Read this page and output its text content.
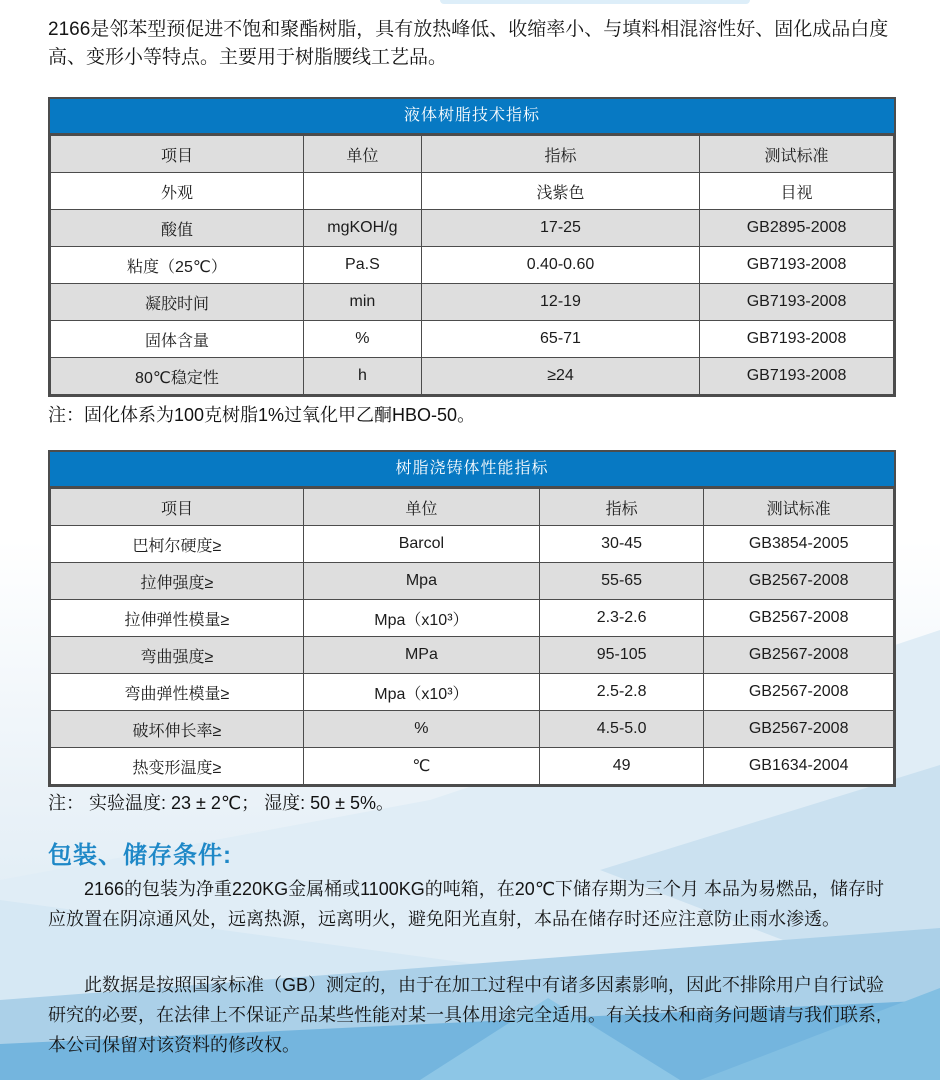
2166是邻苯型预促进不饱和聚酯树脂，具有放热峰低、收缩率小、与填料相混溶性好、固化成品白度高、变形小等特点。主要用于树脂腰线工艺品。
液体树脂技术指标
项目	单位	指标	测试标准
外观		浅紫色	目视
酸值	mgKOH/g	17-25	GB2895-2008
粘度（25℃）	Pa.S	0.40-0.60	GB7193-2008
凝胶时间	min	12-19	GB7193-2008
固体含量	%	65-71	GB7193-2008
80℃稳定性	h	≥24	GB7193-2008
注：固化体系为100克树脂1%过氧化甲乙酮HBO-50。
树脂浇铸体性能指标
项目	单位	指标	测试标准
巴柯尔硬度≥	Barcol	30-45	GB3854-2005
拉伸强度≥	Mpa	55-65	GB2567-2008
拉伸弹性模量≥	Mpa（x10³）	2.3-2.6	GB2567-2008
弯曲强度≥	MPa	95-105	GB2567-2008
弯曲弹性模量≥	Mpa（x10³）	2.5-2.8	GB2567-2008
破坏伸长率≥	%	4.5-5.0	GB2567-2008
热变形温度≥	℃	49	GB1634-2004
注： 实验温度: 23 ± 2℃； 湿度: 50 ± 5%。
包装、储存条件:
2166的包装为净重220KG金属桶或1100KG的吨箱，在20℃下储存期为三个月 本品为易燃品，储存时应放置在阴凉通风处，远离热源，远离明火，避免阳光直射，本品在储存时还应注意防止雨水渗透。
此数据是按照国家标准（GB）测定的，由于在加工过程中有诸多因素影响，因此不排除用户自行试验研究的必要，在法律上不保证产品某些性能对某一具体用途完全适用。有关技术和商务问题请与我们联系,本公司保留对该资料的修改权。
